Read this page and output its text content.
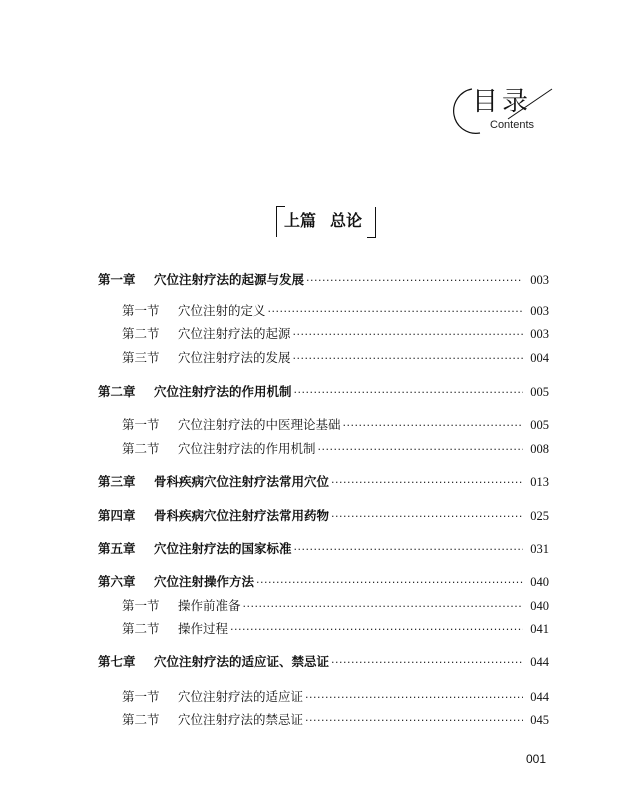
目录
Contents
上篇 总论
第一章 穴位注射疗法的起源与发展 ·····	003
第一节 穴位注射的定义 ·····	003
第二节 穴位注射疗法的起源 ·····	003
第三节 穴位注射疗法的发展 ·····	004
第二章 穴位注射疗法的作用机制 ·····	005
第一节 穴位注射疗法的中医理论基础 ·····	005
第二节 穴位注射疗法的作用机制 ·····	008
第三章 骨科疾病穴位注射疗法常用穴位 ·····	013
第四章 骨科疾病穴位注射疗法常用药物 ·····	025
第五章 穴位注射疗法的国家标准 ·····	031
第六章 穴位注射操作方法 ·····	040
第一节 操作前准备 ·····	040
第二节 操作过程 ·····	041
第七章 穴位注射疗法的适应证、禁忌证 ·····	044
第一节 穴位注射疗法的适应证 ·····	044
第二节 穴位注射疗法的禁忌证 ·····	045
001
